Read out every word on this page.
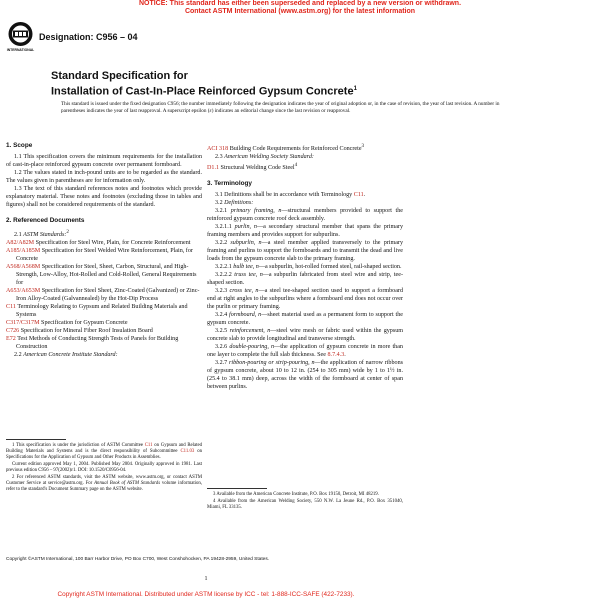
NOTICE: This standard has either been superseded and replaced by a new version or withdrawn.
Contact ASTM International (www.astm.org) for the latest information
INTERNATIONAL
Designation: C956 – 04
Standard Specification for
Installation of Cast-In-Place Reinforced Gypsum Concrete$^1$
This standard is issued under the fixed designation C956; the number immediately following the designation indicates the year of original adoption or, in the case of revision, the year of last revision. A number in parentheses indicates the year of last reapproval. A superscript epsilon (ε) indicates an editorial change since the last revision or reapproval.
1. Scope

1.1 This specification covers the minimum requirements for the installation of cast-in-place reinforced gypsum concrete over permanent formboard.

1.2 The values stated in inch-pound units are to be regarded as the standard. The values given in parentheses are for information only.

1.3 The text of this standard references notes and footnotes which provide explanatory material. These notes and footnotes (excluding those in tables and figures) shall not be considered requirements of the standard.

2. Referenced Documents

2.1 ASTM Standards:$^2$

A82/A82M Specification for Steel Wire, Plain, for Concrete Reinforcement

A185/A185M Specification for Steel Welded Wire Reinforcement, Plain, for Concrete

A568/A568M Specification for Steel, Sheet, Carbon, Structural, and High-Strength, Low-Alloy, Hot-Rolled and Cold-Rolled, General Requirements for

A653/A653M Specification for Steel Sheet, Zinc-Coated (Galvanized) or Zinc-Iron Alloy-Coated (Galvannealed) by the Hot-Dip Process

C11 Terminology Relating to Gypsum and Related Building Materials and Systems

C317/C317M Specification for Gypsum Concrete

C726 Specification for Mineral Fiber Roof Insulation Board

E72 Test Methods of Conducting Strength Tests of Panels for Building Construction

2.2 American Concrete Institute Standard:

ACI 318 Building Code Requirements for Reinforced Concrete$^3$

2.3 American Welding Society Standard:

D1.1 Structural Welding Code Steel$^4$

3. Terminology

3.1 Definitions shall be in accordance with Terminology C11.

3.2 Definitions:

3.2.1 primary framing, n—structural members provided to support the reinforced gypsum concrete roof deck assembly.

3.2.1.1 purlin, n—a secondary structural member that spans the primary framing members and provides support for subpurlins.

3.2.2 subpurlin, n—a steel member applied transversely to the primary framing and purlins to support the formboards and to transmit the dead and live loads from the gypsum concrete slab to the primary framing.

3.2.2.1 bulb tee, n—a subpurlin, hot-rolled formed steel, rail-shaped section.

3.2.2.2 truss tee, n—a subpurlin fabricated from steel wire and strip, tee-shaped section.

3.2.3 cross tee, n—a steel tee-shaped section used to support a formboard end at right angles to the subpurlins where a formboard end does not occur over the purlin or primary framing.

3.2.4 formboard, n—sheet material used as a permanent form to support the gypsum concrete.

3.2.5 reinforcement, n—steel wire mesh or fabric used within the gypsum concrete slab to provide longitudinal and transverse strength.

3.2.6 double-pouring, n—the application of gypsum concrete in more than one layer to complete the full slab thickness. See 8.7.4.3.

3.2.7 ribbon-pouring or strip-pouring, n—the application of narrow ribbons of gypsum concrete, about 10 to 12 in. (254 to 305 mm) wide by 1 to 1½ in. (25.4 to 38.1 mm) deep, across the width of the formboard at center of span between purlins.

1 This specification is under the jurisdiction of ASTM Committee C11 on Gypsum and Related Building Materials and Systems and is the direct responsibility of Subcommittee C11.03 on Specifications for the Application of Gypsum and Other Products in Assemblies.

Current edition approved May 1, 2004. Published May 2004. Originally approved in 1981. Last previous edition C956 – 97(2002)ε1. DOI: 10.1520/C0956-04.

2 For referenced ASTM standards, visit the ASTM website, www.astm.org, or contact ASTM Customer Service at service@astm.org. For Annual Book of ASTM Standards volume information, refer to the standard's Document Summary page on the ASTM website.

3 Available from the American Concrete Institute, P.O. Box 19150, Detroit, MI 48219.

4 Available from the American Welding Society, 550 N.W. La Jeune Rd., P.O. Box 351040, Miami, FL 33135.

Copyright ©ASTM International, 100 Barr Harbor Drive, PO Box C700, West Conshohocken, PA 19428-2959, United States.
1
Copyright ASTM International. Distributed under ASTM license by ICC - tel: 1-888-ICC-SAFE (422-7233).
